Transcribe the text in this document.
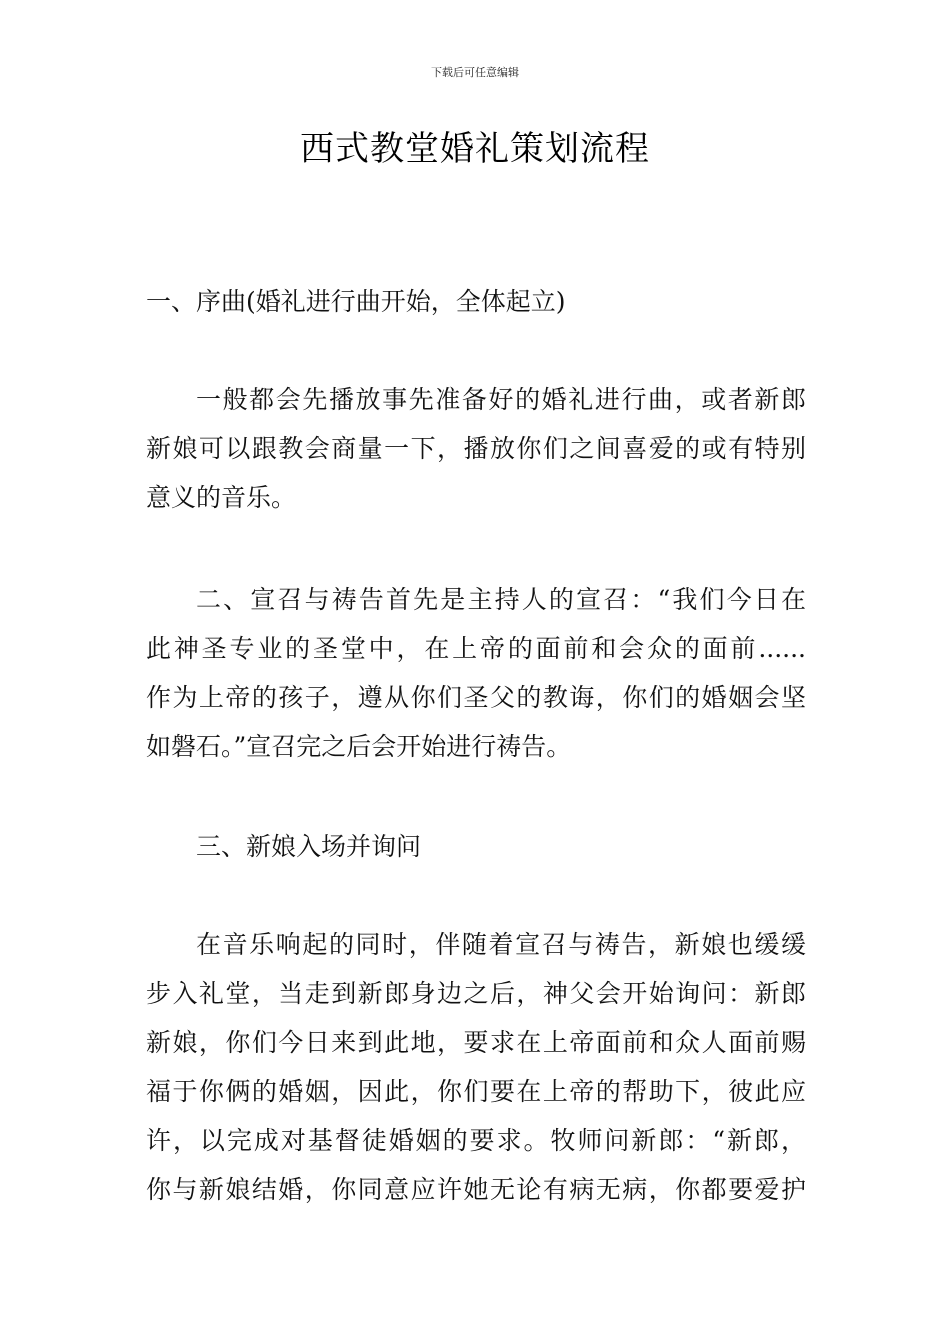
下载后可任意编辑
西式教堂婚礼策划流程
一、序曲(婚礼进行曲开始，全体起立)
一般都会先播放事先准备好的婚礼进行曲，或者新郎
新娘可以跟教会商量一下，播放你们之间喜爱的或有特别
意义的音乐。
二、宣召与祷告首先是主持人的宣召：“我们今日在
此神圣专业的圣堂中，在上帝的面前和会众的面前......
作为上帝的孩子，遵从你们圣父的教诲，你们的婚姻会坚
如磐石。”宣召完之后会开始进行祷告。
三、新娘入场并询问
在音乐响起的同时，伴随着宣召与祷告，新娘也缓缓
步入礼堂，当走到新郎身边之后，神父会开始询问：新郎
新娘，你们今日来到此地，要求在上帝面前和众人面前赐
福于你俩的婚姻，因此，你们要在上帝的帮助下，彼此应
许，以完成对基督徒婚姻的要求。牧师问新郎：“新郎，
你与新娘结婚，你同意应许她无论有病无病，你都要爱护
